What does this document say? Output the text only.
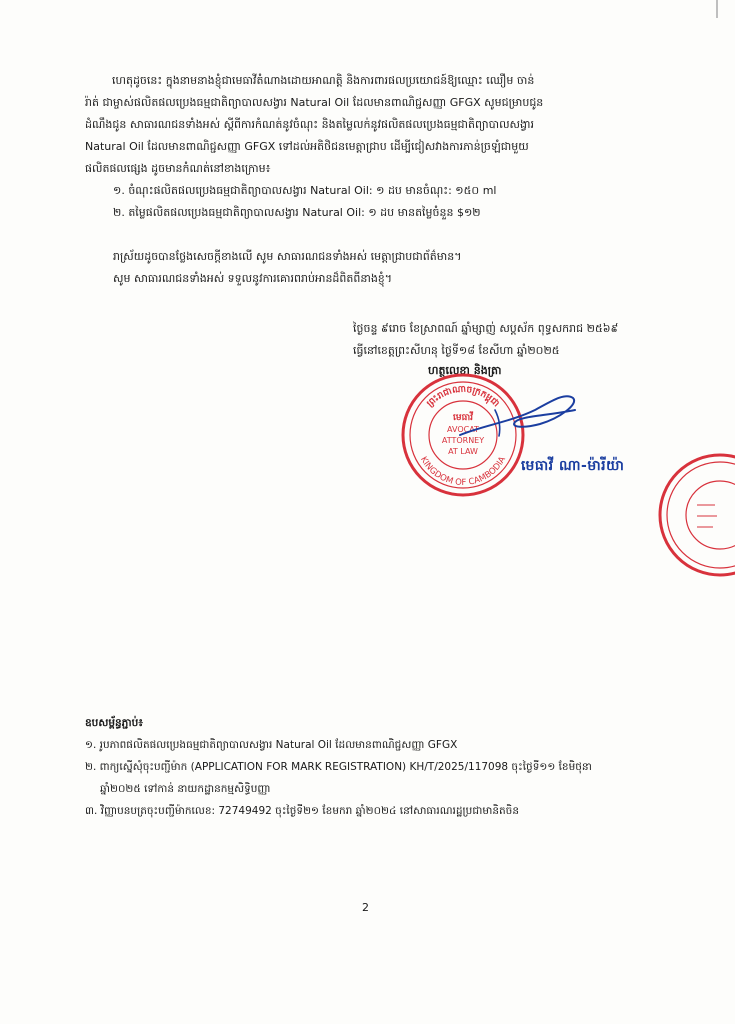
ហេតុដូចនេះ ក្នុងនាមនាងខ្ញុំជាមេធាវីតំណាងដោយអាណត្តិ និងការពារផលប្រយោជន៍ឱ្យឈ្មោះ ឈឿម ចាន់
រ៉ាត់ ជាម្ចាស់ផលិតផលប្រេងធម្មជាតិព្យាបាលសង្វារ Natural Oil ដែលមានពាណិជ្ជសញ្ញា GFGX សូមជម្រាបជូន
ដំណឹងជូន សាធារណជនទាំងអស់ ស្តីពីការកំណត់នូវចំណុះ និងតម្លៃលក់នូវផលិតផលប្រេងធម្មជាតិព្យាបាលសង្វារ
Natural Oil ដែលមានពាណិជ្ជសញ្ញា GFGX ទៅដល់អតិថិជនមេត្តាជ្រាប ដើម្បីជៀសវាងការភាន់ច្រឡំជាមួយ
ផលិតផលផ្សេង ដូចមានកំណត់នៅខាងក្រោម៖
១. ចំណុះផលិតផលប្រេងធម្មជាតិព្យាបាលសង្វារ Natural Oil: ១ ដប មានចំណុះ: ១៥០ ml
២. តម្លៃផលិតផលប្រេងធម្មជាតិព្យាបាលសង្វារ Natural Oil: ១ ដប មានតម្លៃចំនួន $១២
រាស្រ័យដូចបានថ្លែងសេចក្តីខាងលើ សូម សាធារណជនទាំងអស់ មេត្តាជ្រាបជាព័ត៌មាន។
សូម សាធារណជនទាំងអស់ ទទួលនូវការគោរពរាប់អានដ៏ពិតពីនាងខ្ញុំ។
ថ្ងៃចន្ទ ៩រោច ខែស្រាពណ៍ ឆ្នាំម្សាញ់ សប្តស័ក ពុទ្ធសករាជ ២៥៦៩
ធ្វើនៅខេត្តព្រះសីហនុ ថ្ងៃទី១៨ ខែសីហា ឆ្នាំ២០២៥
ហត្ថលេខា និងត្រា
ព្រះរាជាណាចក្រកម្ពុជា
KINGDOM OF CAMBODIA
មេធាវី
AVOCAT
ATTORNEY
AT LAW
មេធាវី ណា-ម៉ារីយ៉ា
ឧបសម្ព័ន្ធភ្ជាប់៖
១. រូបភាពផលិតផលប្រេងធម្មជាតិព្យាបាលសង្វារ Natural Oil ដែលមានពាណិជ្ជសញ្ញា GFGX
២. ពាក្យស្នើសុំចុះបញ្ជីម៉ាក (APPLICATION FOR MARK REGISTRATION) KH/T/2025/117098 ចុះថ្ងៃទី១១ ខែមិថុនា
ឆ្នាំ២០២៥ ទៅកាន់ នាយកដ្ឋានកម្មសិទ្ធិបញ្ញា
៣. វិញ្ញាបនបត្រចុះបញ្ជីម៉ាកលេខ: 72749492 ចុះថ្ងៃទី២១ ខែមករា ឆ្នាំ២០២៤ នៅសាធារណរដ្ឋប្រជាមានិតចិន
2
